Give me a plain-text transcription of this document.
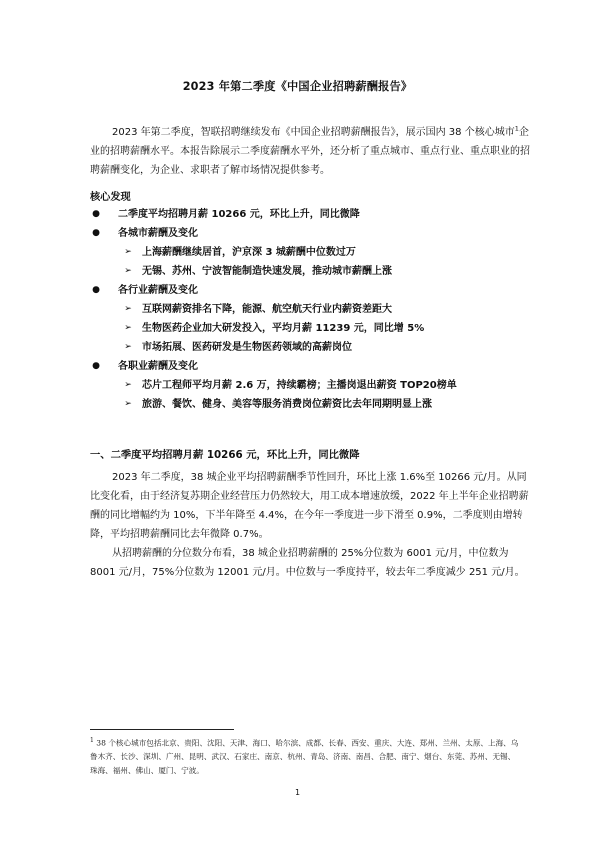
2023 年第二季度《中国企业招聘薪酬报告》

2023 年第二季度，智联招聘继续发布《中国企业招聘薪酬报告》，展示国内 38 个核心城市$^1$企业的招聘薪酬水平。本报告除展示二季度薪酬水平外，还分析了重点城市、重点行业、重点职业的招聘薪酬变化，为企业、求职者了解市场情况提供参考。

核心发现
● 二季度平均招聘月薪 10266 元，环比上升，同比微降
● 各城市薪酬及变化
➢ 上海薪酬继续居首，沪京深 3 城薪酬中位数过万
➢ 无锡、苏州、宁波智能制造快速发展，推动城市薪酬上涨
● 各行业薪酬及变化
➢ 互联网薪资排名下降，能源、航空航天行业内薪资差距大
➢ 生物医药企业加大研发投入，平均月薪 11239 元，同比增 5%
➢ 市场拓展、医药研发是生物医药领域的高薪岗位
● 各职业薪酬及变化
➢ 芯片工程师平均月薪 2.6 万，持续霸榜；主播岗退出薪资 TOP20榜单
➢ 旅游、餐饮、健身、美容等服务消费岗位薪资比去年同期明显上涨
一、二季度平均招聘月薪 10266 元，环比上升，同比微降

2023 年二季度，38 城企业平均招聘薪酬季节性回升，环比上涨 1.6%至 10266 元/月。从同比变化看，由于经济复苏期企业经营压力仍然较大，用工成本增速放缓，2022 年上半年企业招聘薪酬的同比增幅约为 10%，下半年降至 4.4%，在今年一季度进一步下滑至 0.9%，二季度则由增转降，平均招聘薪酬同比去年微降 0.7%。

从招聘薪酬的分位数分布看，38 城企业招聘薪酬的 25%分位数为 6001 元/月，中位数为 8001 元/月，75%分位数为 12001 元/月。中位数与一季度持平，较去年二季度减少 251 元/月。

$^1$ 38 个核心城市包括北京、贵阳、沈阳、天津、海口、哈尔滨、成都、长春、西安、重庆、大连、郑州、兰州、太原、上海、乌鲁木齐、长沙、深圳、广州、昆明、武汉、石家庄、南京、杭州、青岛、济南、南昌、合肥、南宁、烟台、东莞、苏州、无锡、珠海、福州、佛山、厦门、宁波。
1
